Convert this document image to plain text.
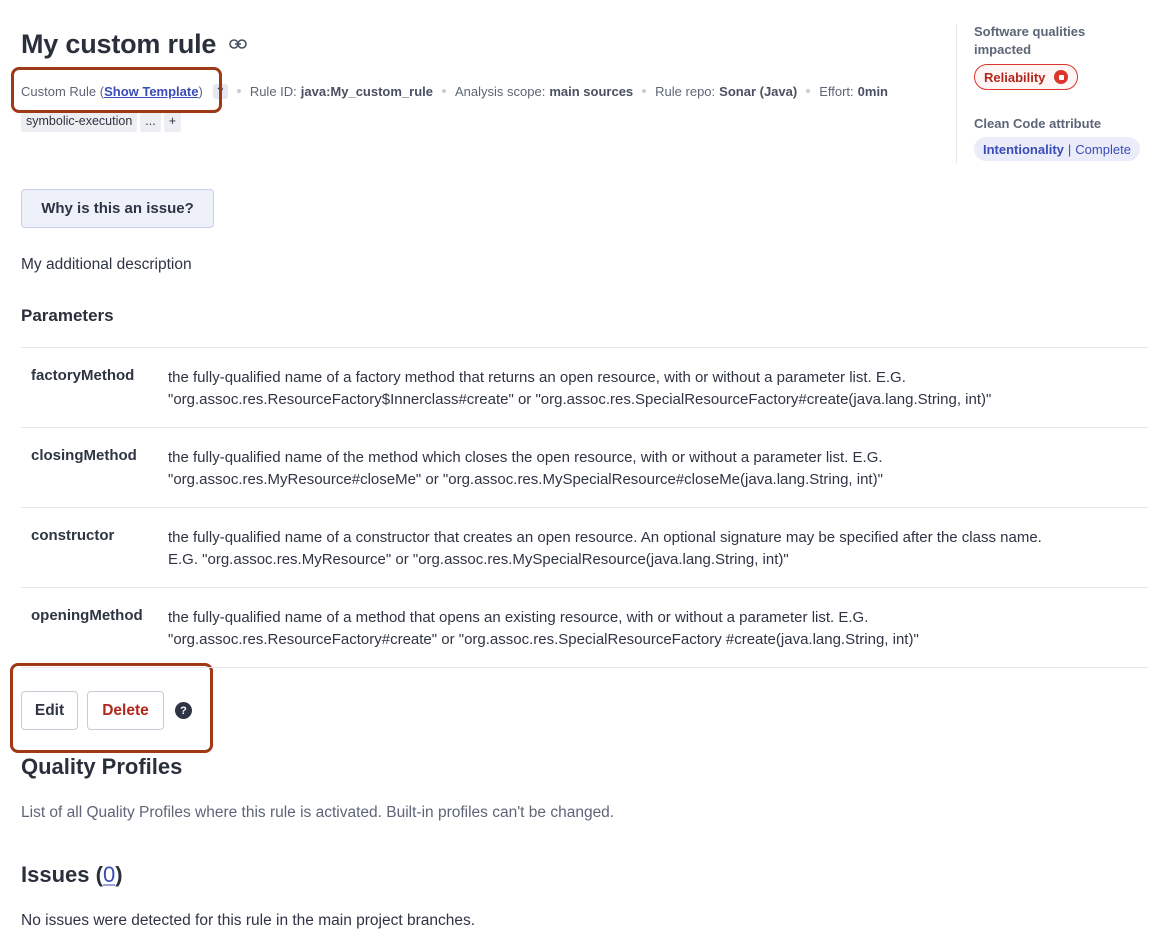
My custom rule
Custom Rule (Show Template)	?	Rule ID: java:My_custom_rule Analysis scope: main sources Rule repo: Sonar (Java) Effort: 0min
symbolic-execution	...	+
Why is this an issue?
My additional description
Parameters
factoryMethod	the fully-qualified name of a factory method that returns an open resource, with or without a parameter list. E.G.
"org.assoc.res.ResourceFactory$Innerclass#create" or "org.assoc.res.SpecialResourceFactory#create(java.lang.String, int)"
closingMethod	the fully-qualified name of the method which closes the open resource, with or without a parameter list. E.G.
"org.assoc.res.MyResource#closeMe" or "org.assoc.res.MySpecialResource#closeMe(java.lang.String, int)"
constructor	the fully-qualified name of a constructor that creates an open resource. An optional signature may be specified after the class name.
E.G. "org.assoc.res.MyResource" or "org.assoc.res.MySpecialResource(java.lang.String, int)"
openingMethod	the fully-qualified name of a method that opens an existing resource, with or without a parameter list. E.G.
"org.assoc.res.ResourceFactory#create" or "org.assoc.res.SpecialResourceFactory #create(java.lang.String, int)"
Edit	Delete	?
Quality Profiles
List of all Quality Profiles where this rule is activated. Built-in profiles can't be changed.
Issues (0)
No issues were detected for this rule in the main project branches.
Software qualities impacted
Reliability
Clean Code attribute
Intentionality | Complete
